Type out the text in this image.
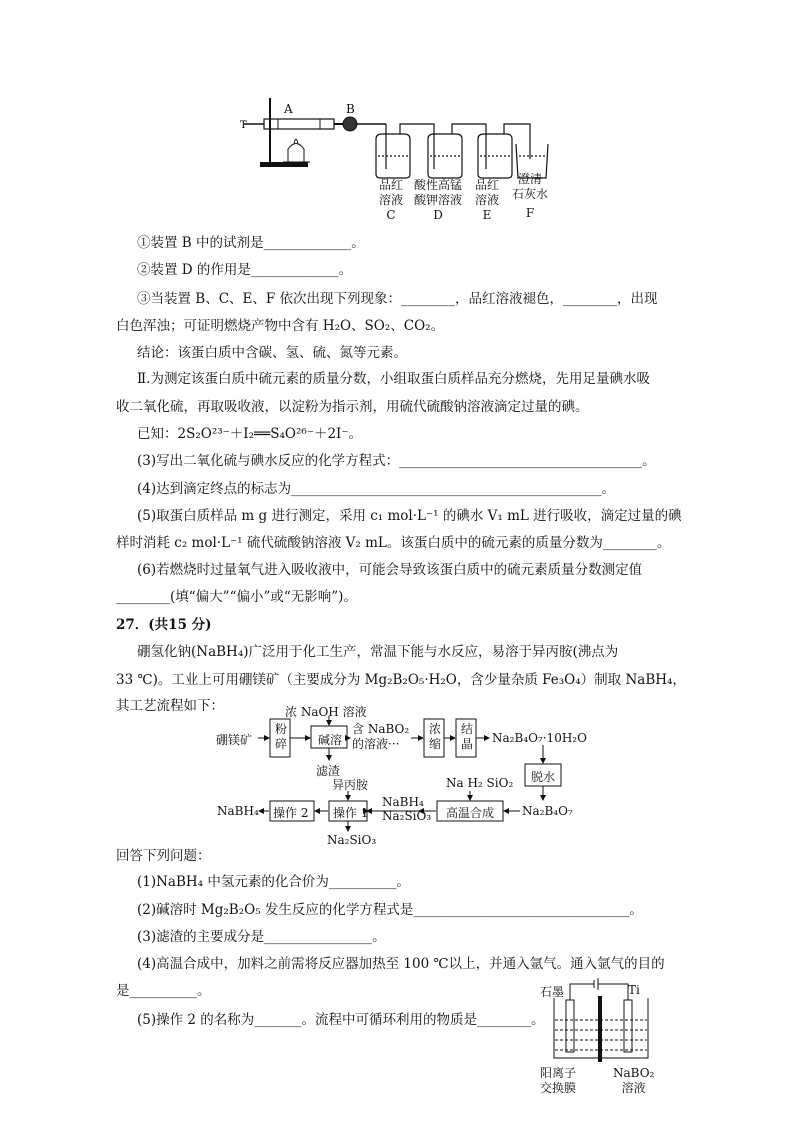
T
A	B
品红
溶液
C
酸性高锰
酸钾溶液
D
品红
溶液
E
澄清
石灰水
F
①装置 B 中的试剂是_____________。
②装置 D 的作用是_____________。
③当装置 B、C、E、F 依次出现下列现象：________，品红溶液褪色，________，出现
白色浑浊；可证明燃烧产物中含有 H₂O、SO₂、CO₂。
结论：该蛋白质中含碳、氢、硫、氮等元素。
Ⅱ.为测定该蛋白质中硫元素的质量分数，小组取蛋白质样品充分燃烧，先用足量碘水吸
收二氧化硫，再取吸收液，以淀粉为指示剂，用硫代硫酸钠溶液滴定过量的碘。
已知：2S₂O²³⁻＋I₂══S₄O²⁶⁻＋2I⁻。
(3)写出二氧化硫与碘水反应的化学方程式：____________________________________。
(4)达到滴定终点的标志为______________________________________________。
(5)取蛋白质样品 m g 进行测定，采用 c₁ mol·L⁻¹ 的碘水 V₁ mL 进行吸收，滴定过量的碘
样时消耗 c₂ mol·L⁻¹ 硫代硫酸钠溶液 V₂ mL。该蛋白质中的硫元素的质量分数为________。
(6)若燃烧时过量氧气进入吸收液中，可能会导致该蛋白质中的硫元素质量分数测定值
________(填“偏大”“偏小”或“无影响”)。
27．(共15 分)
硼氢化钠(NaBH₄)广泛用于化工生产，常温下能与水反应，易溶于异丙胺(沸点为
33 ℃)。工业上可用硼镁矿（主要成分为 Mg₂B₂O₅·H₂O，含少量杂质 Fe₃O₄）制取 NaBH₄，
其工艺流程如下：
硼镁矿
粉
碎
浓 NaOH 溶液
碱溶
含 NaBO₂
的溶液···
滤渣
浓
缩
结
晶 Na₂B₄O₇·10H₂O
脱水
Na₂B₄O₇
Na H₂ SiO₂
高温合成
NaBH₄
Na₂SiO₃
异丙胺
操作 1
Na₂SiO₃
操作 2
NaBH₄
回答下列问题：
(1)NaBH₄ 中氢元素的化合价为__________。
(2)碱溶时 Mg₂B₂O₅ 发生反应的化学方程式是________________________________。
(3)滤渣的主要成分是________________。
(4)高温合成中，加料之前需将反应器加热至 100 ℃以上，并通入氩气。通入氩气的目的
是__________。
(5)操作 2 的名称为_______。流程中可循环利用的物质是________。
石墨	Ti
阳离子
交换膜
NaBO₂
溶液
